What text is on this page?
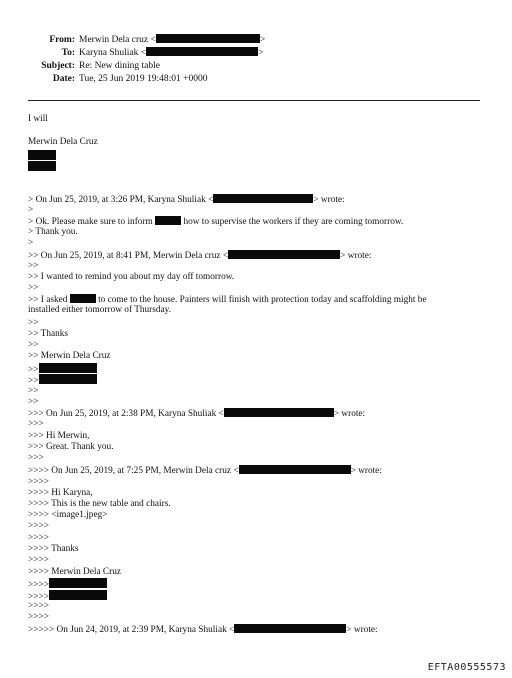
From: Merwin Dela cruz <	>
To: Karyna Shuliak <	>
Subject: Re: New dining table
Date: Tue, 25 Jun 2019 19:48:01 +0000
I will
Merwin Dela Cruz
> On Jun 25, 2019, at 3:26 PM, Karyna Shuliak <	> wrote:
>
> Ok. Please make sure to inform	how to supervise the workers if they are coming tomorrow.
> Thank you.
>
>> On Jun 25, 2019, at 8:41 PM, Merwin Dela cruz <	> wrote:
>>
>> I wanted to remind you about my day off tomorrow.
>>
>> I asked	to come to the house. Painters will finish with protection today and scaffolding might be
installed either tomorrow of Thursday.
>>
>> Thanks
>>
>> Merwin Dela Cruz
>>
>>
>>
>>
>>> On Jun 25, 2019, at 2:38 PM, Karyna Shuliak <	> wrote:
>>>
>>> Hi Merwin,
>>> Great. Thank you.
>>>
>>>> On Jun 25, 2019, at 7:25 PM, Merwin Dela cruz <	> wrote:
>>>>
>>>> Hi Karyna,
>>>> This is the new table and chairs.
>>>> <image1.jpeg>
>>>>
>>>>
>>>> Thanks
>>>>
>>>> Merwin Dela Cruz
>>>>
>>>>
>>>>
>>>>
>>>>> On Jun 24, 2019, at 2:39 PM, Karyna Shuliak <	> wrote:
EFTA00555573
